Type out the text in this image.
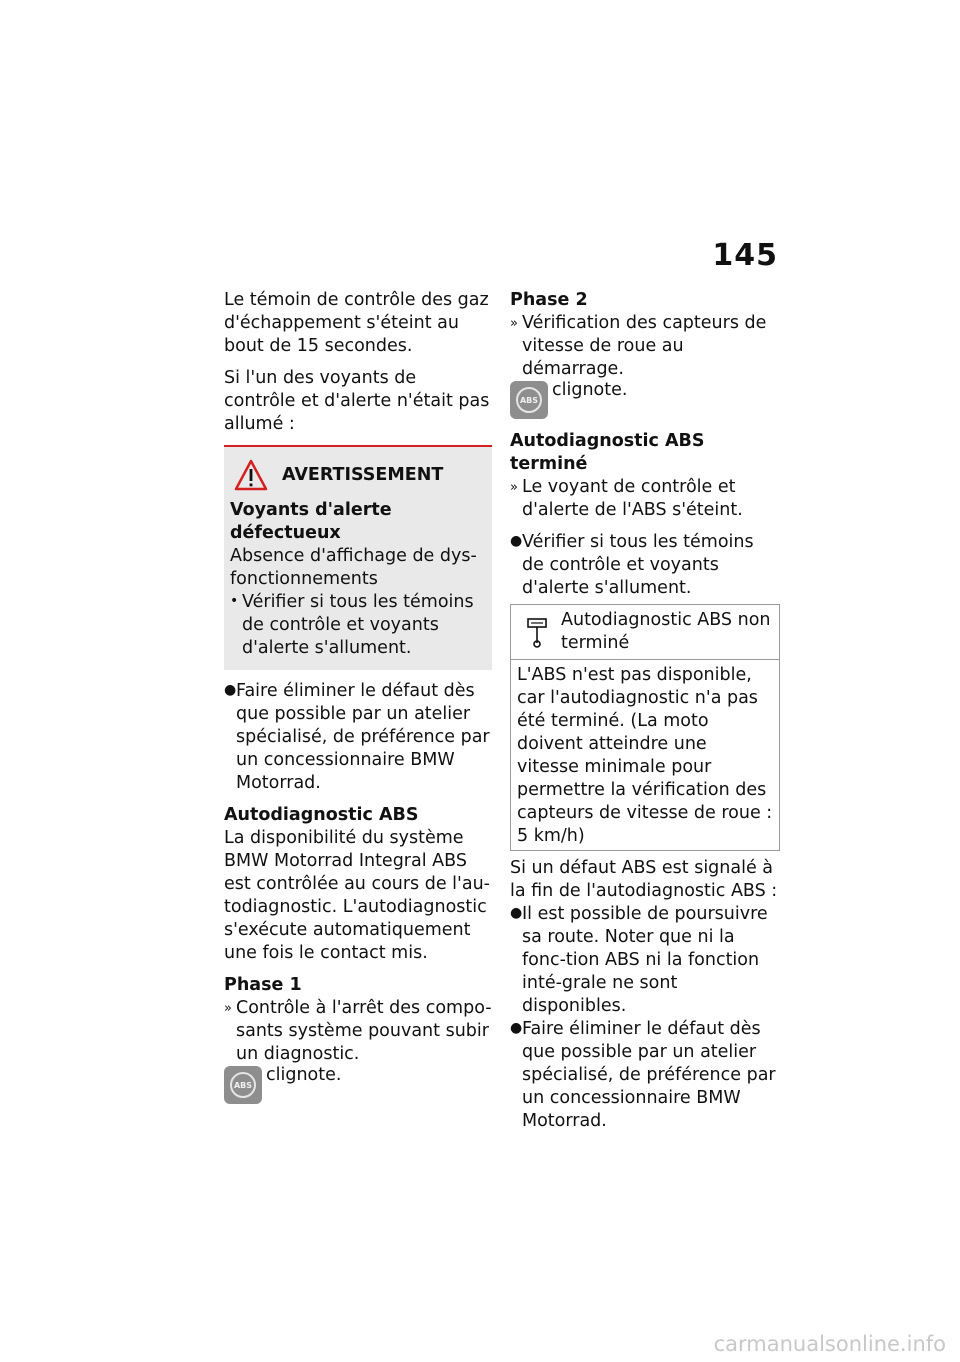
145

Le témoin de contrôle des gaz d'échappement s'éteint au bout de 15 secondes.

Si l'un des voyants de contrôle et d'alerte n'était pas allumé :

AVERTISSEMENT
Voyants d'alerte défectueux
Absence d'affichage de dys-fonctionnements
• Vérifier si tous les témoins de contrôle et voyants d'alerte s'allument.
● Faire éliminer le défaut dès que possible par un atelier spécialisé, de préférence par un concessionnaire BMW Motorrad.
Autodiagnostic ABS

La disponibilité du système BMW Motorrad Integral ABS est contrôlée au cours de l'au-todiagnostic. L'autodiagnostic s'exécute automatiquement une fois le contact mis.

Phase 1
» Contrôle à l'arrêt des compo-sants système pouvant subir un diagnostic.
ABS clignote.
Phase 2
» Vérification des capteurs de vitesse de roue au démarrage.
ABS clignote.
Autodiagnostic ABS terminé
» Le voyant de contrôle et d'alerte de l'ABS s'éteint.
● Vérifier si tous les témoins de contrôle et voyants d'alerte s'allument.
Autodiagnostic ABS non terminé
L'ABS n'est pas disponible, car l'autodiagnostic n'a pas été terminé. (La moto doivent atteindre une vitesse minimale pour permettre la vérification des capteurs de vitesse de roue : 5 km/h)
Si un défaut ABS est signalé à la fin de l'autodiagnostic ABS :
● Il est possible de poursuivre sa route. Noter que ni la fonc-tion ABS ni la fonction inté-grale ne sont disponibles.
● Faire éliminer le défaut dès que possible par un atelier spécialisé, de préférence par un concessionnaire BMW Motorrad.
carmanualsonline.info
